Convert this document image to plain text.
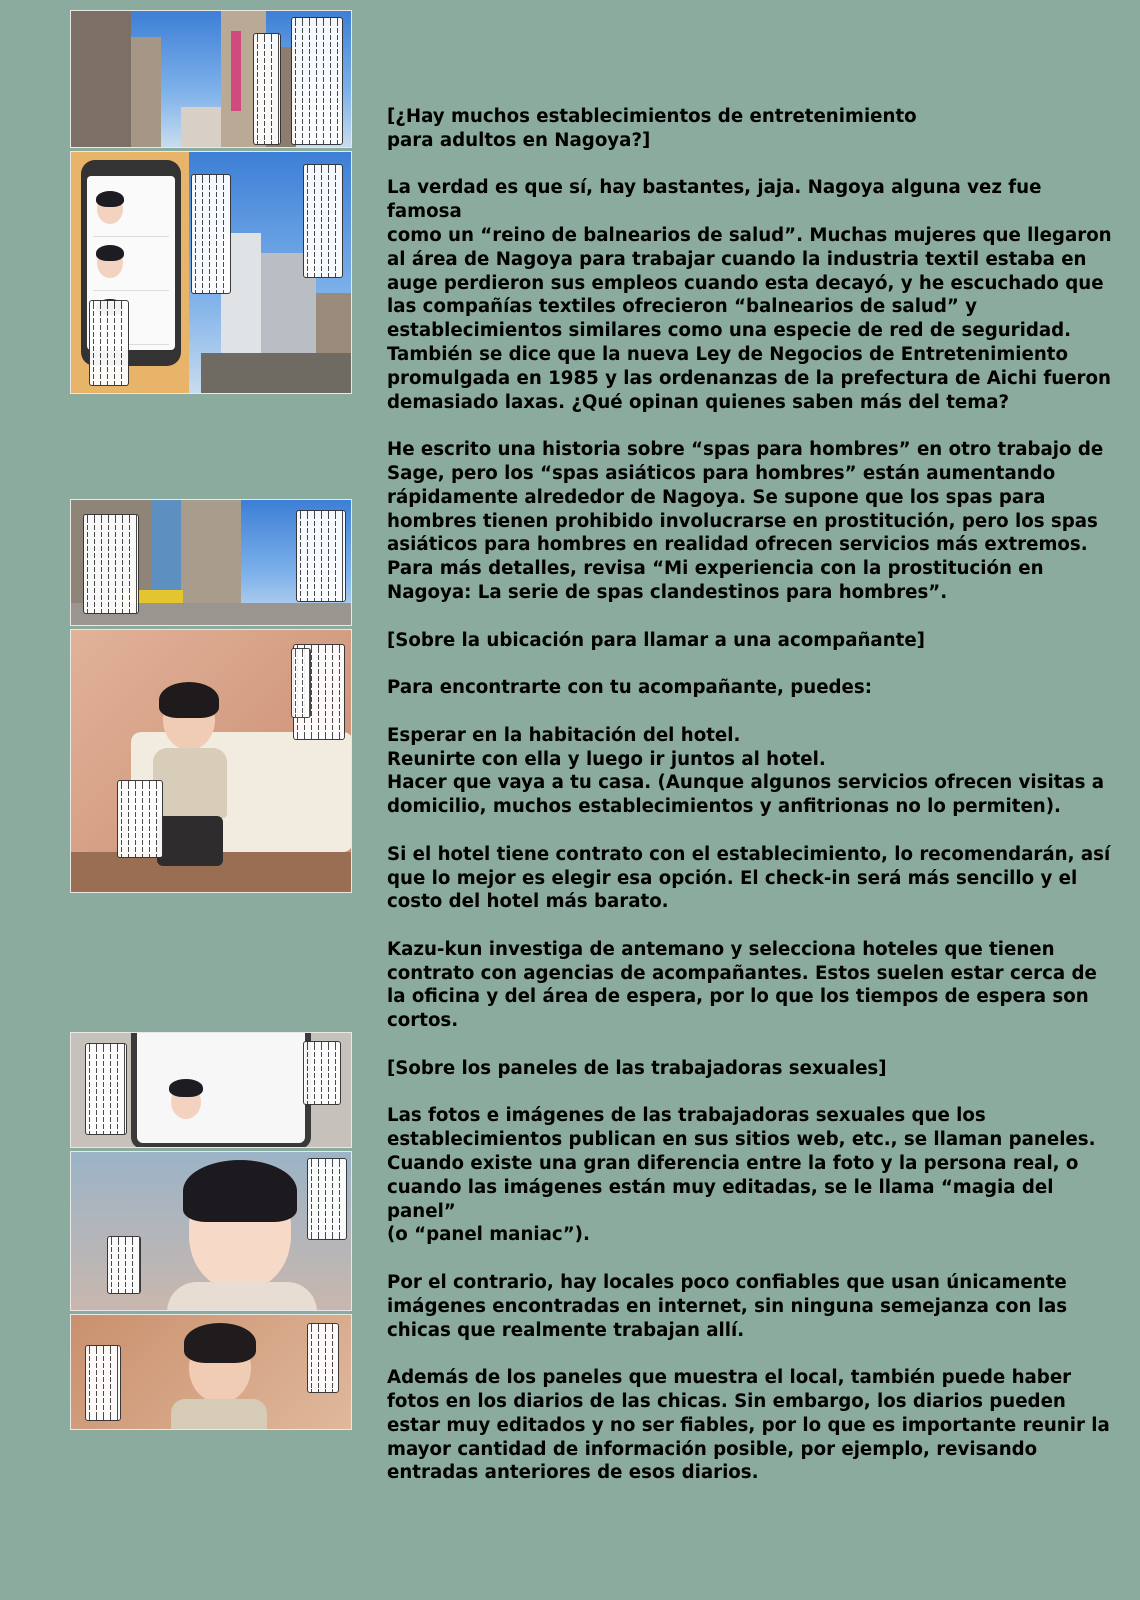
[¿Hay muchos establecimientos de entretenimiento
para adultos en Nagoya?]

La verdad es que sí, hay bastantes, jaja. Nagoya alguna vez fue famosa
como un “reino de balnearios de salud”. Muchas mujeres que llegaron
al área de Nagoya para trabajar cuando la industria textil estaba en
auge perdieron sus empleos cuando esta decayó, y he escuchado que
las compañías textiles ofrecieron “balnearios de salud” y
establecimientos similares como una especie de red de seguridad.
También se dice que la nueva Ley de Negocios de Entretenimiento
promulgada en 1985 y las ordenanzas de la prefectura de Aichi fueron
demasiado laxas. ¿Qué opinan quienes saben más del tema?

He escrito una historia sobre “spas para hombres” en otro trabajo de
Sage, pero los “spas asiáticos para hombres” están aumentando
rápidamente alrededor de Nagoya. Se supone que los spas para
hombres tienen prohibido involucrarse en prostitución, pero los spas
asiáticos para hombres en realidad ofrecen servicios más extremos.
Para más detalles, revisa “Mi experiencia con la prostitución en
Nagoya: La serie de spas clandestinos para hombres”.

[Sobre la ubicación para llamar a una acompañante]

Para encontrarte con tu acompañante, puedes:

Esperar en la habitación del hotel.
Reunirte con ella y luego ir juntos al hotel.
Hacer que vaya a tu casa. (Aunque algunos servicios ofrecen visitas a
domicilio, muchos establecimientos y anfitrionas no lo permiten).

Si el hotel tiene contrato con el establecimiento, lo recomendarán, así
que lo mejor es elegir esa opción. El check-in será más sencillo y el
costo del hotel más barato.

Kazu-kun investiga de antemano y selecciona hoteles que tienen
contrato con agencias de acompañantes. Estos suelen estar cerca de
la oficina y del área de espera, por lo que los tiempos de espera son
cortos.

[Sobre los paneles de las trabajadoras sexuales]

Las fotos e imágenes de las trabajadoras sexuales que los
establecimientos publican en sus sitios web, etc., se llaman paneles.
Cuando existe una gran diferencia entre la foto y la persona real, o
cuando las imágenes están muy editadas, se le llama “magia del panel”
(o “panel maniac”).

Por el contrario, hay locales poco confiables que usan únicamente
imágenes encontradas en internet, sin ninguna semejanza con las
chicas que realmente trabajan allí.

Además de los paneles que muestra el local, también puede haber
fotos en los diarios de las chicas. Sin embargo, los diarios pueden
estar muy editados y no ser fiables, por lo que es importante reunir la
mayor cantidad de información posible, por ejemplo, revisando
entradas anteriores de esos diarios.
